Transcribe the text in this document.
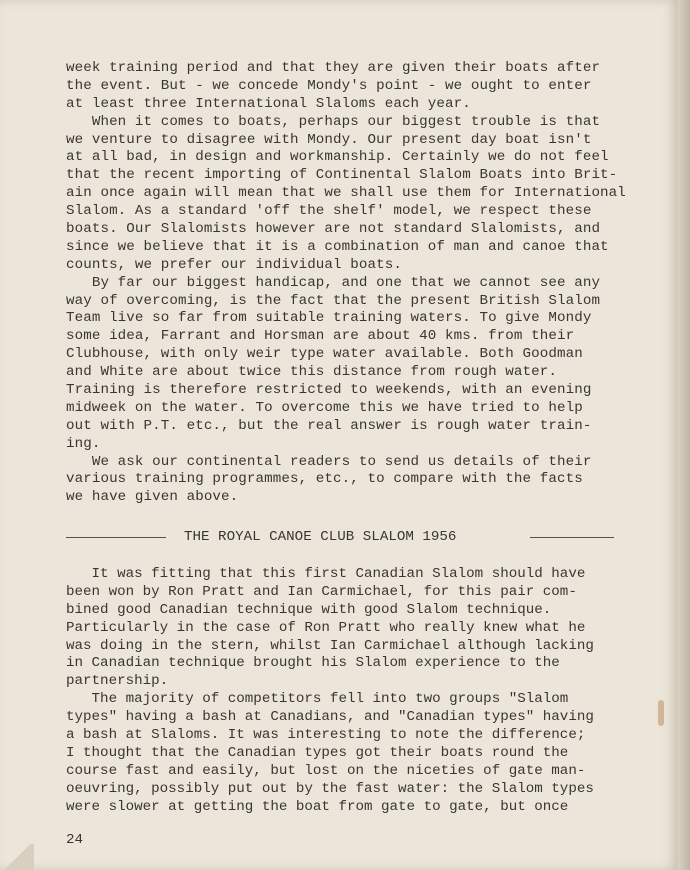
week training period and that they are given their boats after
the event. But - we concede Mondy's point - we ought to enter
at least three International Slaloms each year.
When it comes to boats, perhaps our biggest trouble is that
we venture to disagree with Mondy. Our present day boat isn't
at all bad, in design and workmanship. Certainly we do not feel
that the recent importing of Continental Slalom Boats into Brit-
ain once again will mean that we shall use them for International
Slalom. As a standard 'off the shelf' model, we respect these
boats. Our Slalomists however are not standard Slalomists, and
since we believe that it is a combination of man and canoe that
counts, we prefer our individual boats.
By far our biggest handicap, and one that we cannot see any
way of overcoming, is the fact that the present British Slalom
Team live so far from suitable training waters. To give Mondy
some idea, Farrant and Horsman are about 40 kms. from their
Clubhouse, with only weir type water available. Both Goodman
and White are about twice this distance from rough water.
Training is therefore restricted to weekends, with an evening
midweek on the water. To overcome this we have tried to help
out with P.T. etc., but the real answer is rough water train-
ing.
We ask our continental readers to send us details of their
various training programmes, etc., to compare with the facts
we have given above.
THE ROYAL CANOE CLUB SLALOM 1956
It was fitting that this first Canadian Slalom should have
been won by Ron Pratt and Ian Carmichael, for this pair com-
bined good Canadian technique with good Slalom technique.
Particularly in the case of Ron Pratt who really knew what he
was doing in the stern, whilst Ian Carmichael although lacking
in Canadian technique brought his Slalom experience to the
partnership.
The majority of competitors fell into two groups "Slalom
types" having a bash at Canadians, and "Canadian types" having
a bash at Slaloms. It was interesting to note the difference;
I thought that the Canadian types got their boats round the
course fast and easily, but lost on the niceties of gate man-
oeuvring, possibly put out by the fast water: the Slalom types
were slower at getting the boat from gate to gate, but once
24
